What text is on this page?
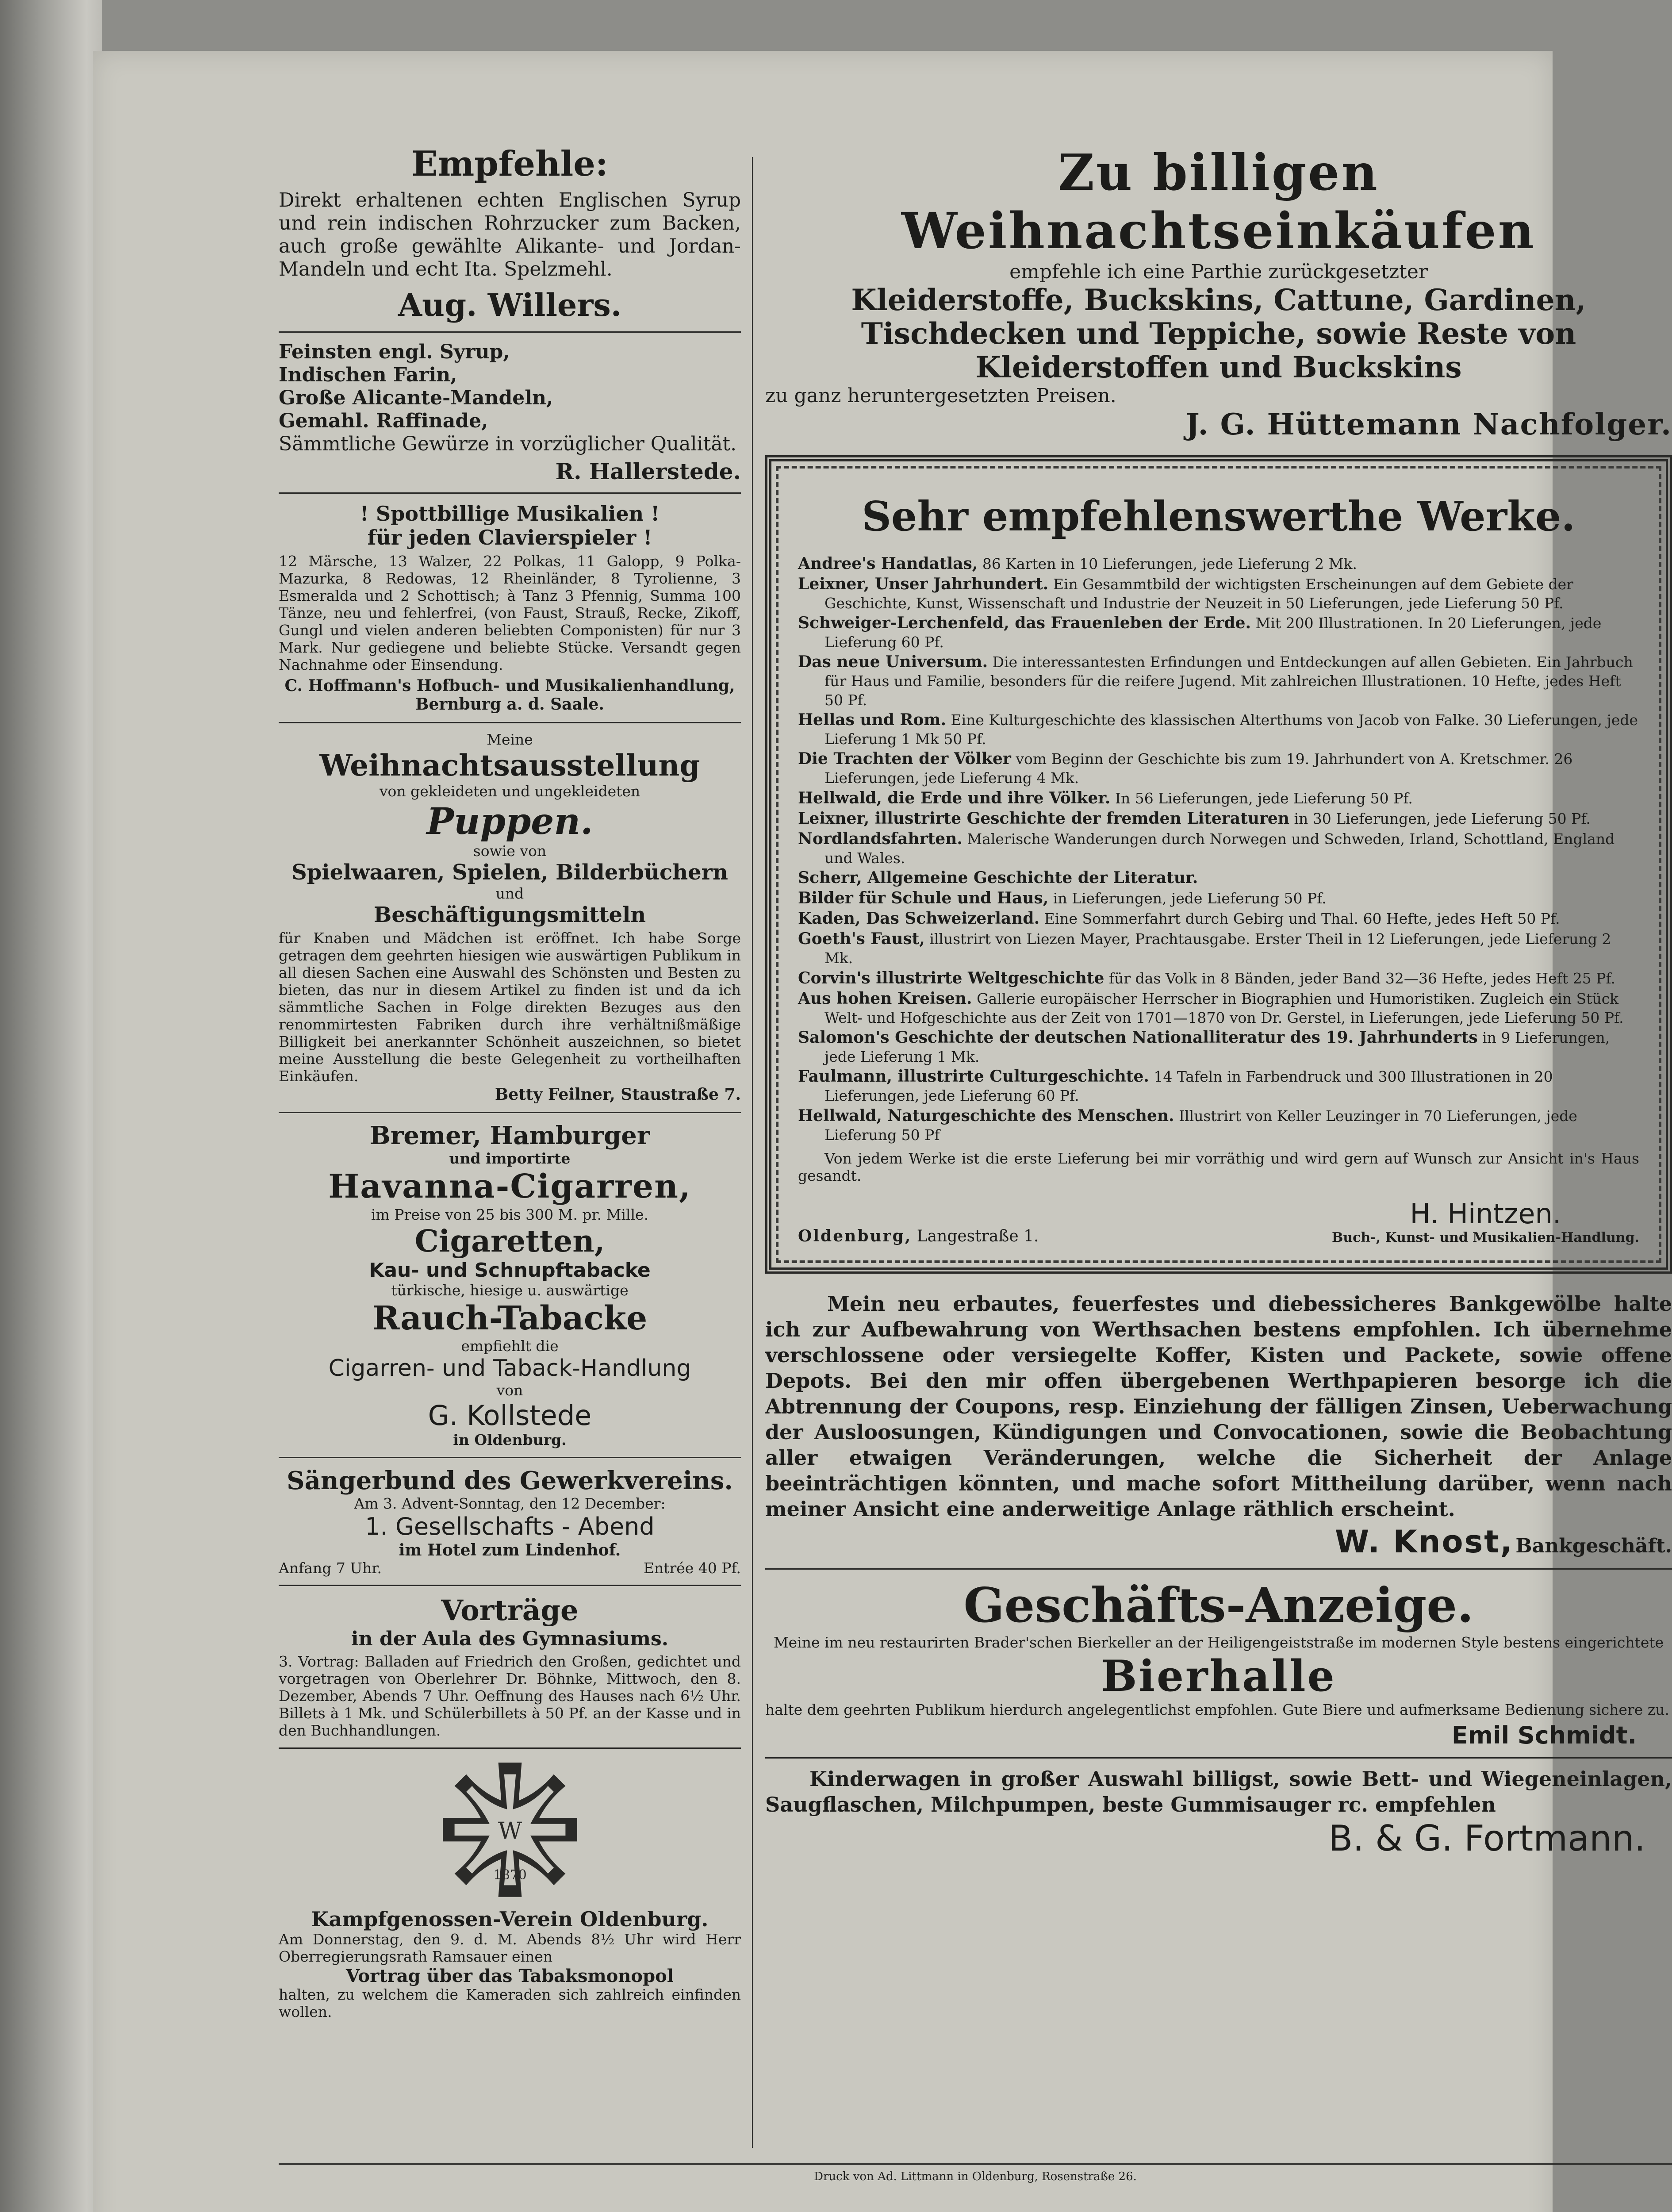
Empfehle:

Direkt erhaltenen echten Englischen Syrup und rein indischen Rohrzucker zum Backen, auch große gewählte Alikante- und Jordan-Mandeln und echt Ita. Spelzmehl.

Aug. Willers.

Feinsten engl. Syrup,

Indischen Farin,

Große Alicante-Mandeln,

Gemahl. Raffinade,

Sämmtliche Gewürze in vorzüglicher Qualität.

R. Hallerstede.

! Spottbillige Musikalien !

für jeden Clavierspieler !

12 Märsche, 13 Walzer, 22 Polkas, 11 Galopp, 9 Polka-Mazurka, 8 Redowas, 12 Rheinländer, 8 Tyrolienne, 3 Esmeralda und 2 Schottisch; à Tanz 3 Pfennig, Summa 100 Tänze, neu und fehlerfrei, (von Faust, Strauß, Recke, Zikoff, Gungl und vielen anderen beliebten Componisten) für nur 3 Mark. Nur gediegene und beliebte Stücke. Versandt gegen Nachnahme oder Einsendung.

C. Hoffmann's Hofbuch- und Musikalienhandlung,

Bernburg a. d. Saale.

Meine

Weihnachtsausstellung

von gekleideten und ungekleideten

Puppen.

sowie von

Spielwaaren, Spielen, Bilderbüchern

und

Beschäftigungsmitteln

für Knaben und Mädchen ist eröffnet. Ich habe Sorge getragen dem geehrten hiesigen wie auswärtigen Publikum in all diesen Sachen eine Auswahl des Schönsten und Besten zu bieten, das nur in diesem Artikel zu finden ist und da ich sämmtliche Sachen in Folge direkten Bezuges aus den renommirtesten Fabriken durch ihre verhältnißmäßige Billigkeit bei anerkannter Schönheit auszeichnen, so bietet meine Ausstellung die beste Gelegenheit zu vortheilhaften Einkäufen.

Betty Feilner, Staustraße 7.

Bremer, Hamburger

und importirte

Havanna-Cigarren,

im Preise von 25 bis 300 M. pr. Mille.

Cigaretten,

Kau- und Schnupftabacke

türkische, hiesige u. auswärtige

Rauch-Tabacke

empfiehlt die

Cigarren- und Taback-Handlung

von

G. Kollstede

in Oldenburg.

Sängerbund des Gewerkvereins.

Am 3. Advent-Sonntag, den 12 December:

1. Gesellschafts - Abend

im Hotel zum Lindenhof.

Anfang 7 Uhr.	Entrée 40 Pf.

Vorträge

in der Aula des Gymnasiums.

3. Vortrag: Balladen auf Friedrich den Großen, gedichtet und vorgetragen von Oberlehrer Dr. Böhnke, Mittwoch, den 8. Dezember, Abends 7 Uhr. Oeffnung des Hauses nach 6½ Uhr. Billets à 1 Mk. und Schülerbillets à 50 Pf. an der Kasse und in den Buchhandlungen.

W
1870

Kampfgenossen-Verein Oldenburg.

Am Donnerstag, den 9. d. M. Abends 8½ Uhr wird Herr Oberregierungsrath Ramsauer einen

Vortrag über das Tabaksmonopol

halten, zu welchem die Kameraden sich zahlreich einfinden wollen.

Zu billigen Weihnachtseinkäufen

empfehle ich eine Parthie zurückgesetzter

Kleiderstoffe, Buckskins, Cattune, Gardinen, Tischdecken und Teppiche, sowie Reste von Kleiderstoffen und Buckskins

zu ganz heruntergesetzten Preisen.

J. G. Hüttemann Nachfolger.

Sehr empfehlenswerthe Werke.

Andree's Handatlas, 86 Karten in 10 Lieferungen, jede Lieferung 2 Mk.

Leixner, Unser Jahrhundert. Ein Gesammtbild der wichtigsten Erscheinungen auf dem Gebiete der Geschichte, Kunst, Wissenschaft und Industrie der Neuzeit in 50 Lieferungen, jede Lieferung 50 Pf.

Schweiger-Lerchenfeld, das Frauenleben der Erde. Mit 200 Illustrationen. In 20 Lieferungen, jede Lieferung 60 Pf.

Das neue Universum. Die interessantesten Erfindungen und Entdeckungen auf allen Gebieten. Ein Jahrbuch für Haus und Familie, besonders für die reifere Jugend. Mit zahlreichen Illustrationen. 10 Hefte, jedes Heft 50 Pf.

Hellas und Rom. Eine Kulturgeschichte des klassischen Alterthums von Jacob von Falke. 30 Lieferungen, jede Lieferung 1 Mk 50 Pf.

Die Trachten der Völker vom Beginn der Geschichte bis zum 19. Jahrhundert von A. Kretschmer. 26 Lieferungen, jede Lieferung 4 Mk.

Hellwald, die Erde und ihre Völker. In 56 Lieferungen, jede Lieferung 50 Pf.

Leixner, illustrirte Geschichte der fremden Literaturen in 30 Lieferungen, jede Lieferung 50 Pf.

Nordlandsfahrten. Malerische Wanderungen durch Norwegen und Schweden, Irland, Schottland, England und Wales.

Scherr, Allgemeine Geschichte der Literatur.

Bilder für Schule und Haus, in Lieferungen, jede Lieferung 50 Pf.

Kaden, Das Schweizerland. Eine Sommerfahrt durch Gebirg und Thal. 60 Hefte, jedes Heft 50 Pf.

Goeth's Faust, illustrirt von Liezen Mayer, Prachtausgabe. Erster Theil in 12 Lieferungen, jede Lieferung 2 Mk.

Corvin's illustrirte Weltgeschichte für das Volk in 8 Bänden, jeder Band 32—36 Hefte, jedes Heft 25 Pf.

Aus hohen Kreisen. Gallerie europäischer Herrscher in Biographien und Humoristiken. Zugleich ein Stück Welt- und Hofgeschichte aus der Zeit von 1701—1870 von Dr. Gerstel, in Lieferungen, jede Lieferung 50 Pf.

Salomon's Geschichte der deutschen Nationalliteratur des 19. Jahrhunderts in 9 Lieferungen, jede Lieferung 1 Mk.

Faulmann, illustrirte Culturgeschichte. 14 Tafeln in Farbendruck und 300 Illustrationen in 20 Lieferungen, jede Lieferung 60 Pf.

Hellwald, Naturgeschichte des Menschen. Illustrirt von Keller Leuzinger in 70 Lieferungen, jede Lieferung 50 Pf

Von jedem Werke ist die erste Lieferung bei mir vorräthig und wird gern auf Wunsch zur Ansicht in's Haus gesandt.

Oldenburg, Langestraße 1.

H. Hintzen.

Buch-, Kunst- und Musikalien-Handlung.

Mein neu erbautes, feuerfestes und diebessicheres Bankgewölbe halte ich zur Aufbewahrung von Werthsachen bestens empfohlen. Ich übernehme verschlossene oder versiegelte Koffer, Kisten und Packete, sowie offene Depots. Bei den mir offen übergebenen Werthpapieren besorge ich die Abtrennung der Coupons, resp. Einziehung der fälligen Zinsen, Ueberwachung der Ausloosungen, Kündigungen und Convocationen, sowie die Beobachtung aller etwaigen Veränderungen, welche die Sicherheit der Anlage beeinträchtigen könnten, und mache sofort Mittheilung darüber, wenn nach meiner Ansicht eine anderweitige Anlage räthlich erscheint.

W. Knost, Bankgeschäft.

Geschäfts-Anzeige.

Meine im neu restaurirten Brader'schen Bierkeller an der Heiligengeiststraße im modernen Style bestens eingerichtete

Bierhalle

halte dem geehrten Publikum hierdurch angelegentlichst empfohlen. Gute Biere und aufmerksame Bedienung sichere zu.

Emil Schmidt.

Kinderwagen in großer Auswahl billigst, sowie Bett- und Wiegeneinlagen, Saugflaschen, Milchpumpen, beste Gummisauger rc. empfehlen

B. & G. Fortmann.

Druck von Ad. Littmann in Oldenburg, Rosenstraße 26.
